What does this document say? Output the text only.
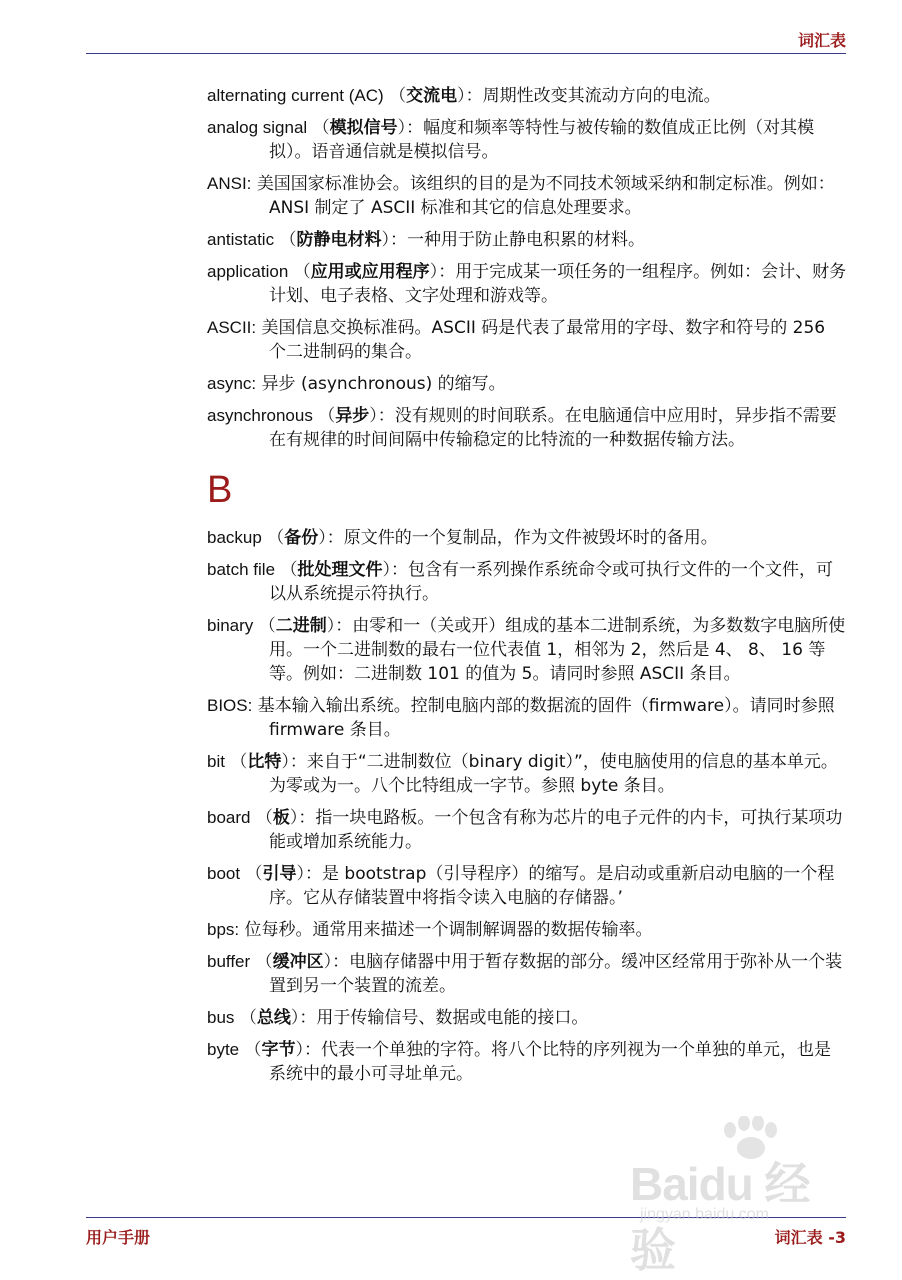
词汇表
alternating current (AC) （交流电）：周期性改变其流动方向的电流。
analog signal （模拟信号）：幅度和频率等特性与被传输的数值成正比例（对其模拟）。语音通信就是模拟信号。
ANSI: 美国国家标准协会。该组织的目的是为不同技术领域采纳和制定标准。例如：ANSI 制定了 ASCII 标准和其它的信息处理要求。
antistatic （防静电材料）：一种用于防止静电积累的材料。
application （应用或应用程序）：用于完成某一项任务的一组程序。例如：会计、财务计划、电子表格、文字处理和游戏等。
ASCII: 美国信息交换标准码。ASCII 码是代表了最常用的字母、数字和符号的 256 个二进制码的集合。
async: 异步 (asynchronous) 的缩写。
asynchronous （异步）：没有规则的时间联系。在电脑通信中应用时，异步指不需要在有规律的时间间隔中传输稳定的比特流的一种数据传输方法。
B
backup （备份）：原文件的一个复制品，作为文件被毁坏时的备用。
batch file （批处理文件）：包含有一系列操作系统命令或可执行文件的一个文件，可以从系统提示符执行。
binary （二进制）：由零和一（关或开）组成的基本二进制系统，为多数数字电脑所使用。一个二进制数的最右一位代表值 1，相邻为 2，然后是 4、 8、 16 等等。例如：二进制数 101 的值为 5。请同时参照 ASCII 条目。
BIOS: 基本输入输出系统。控制电脑内部的数据流的固件（firmware）。请同时参照 firmware 条目。
bit （比特）：来自于“二进制数位（binary digit）”，使电脑使用的信息的基本单元。为零或为一。八个比特组成一字节。参照 byte 条目。
board （板）：指一块电路板。一个包含有称为芯片的电子元件的内卡，可执行某项功能或增加系统能力。
boot （引导）：是 bootstrap（引导程序）的缩写。是启动或重新启动电脑的一个程序。它从存储装置中将指令读入电脑的存储器。’
bps: 位每秒。通常用来描述一个调制解调器的数据传输率。
buffer （缓冲区）：电脑存储器中用于暂存数据的部分。缓冲区经常用于弥补从一个装置到另一个装置的流差。
bus （总线）：用于传输信号、数据或电能的接口。
byte （字节）：代表一个单独的字符。将八个比特的序列视为一个单独的单元，也是系统中的最小可寻址单元。
用户手册	词汇表 -3
Baidu 经验
jingyan.baidu.com
